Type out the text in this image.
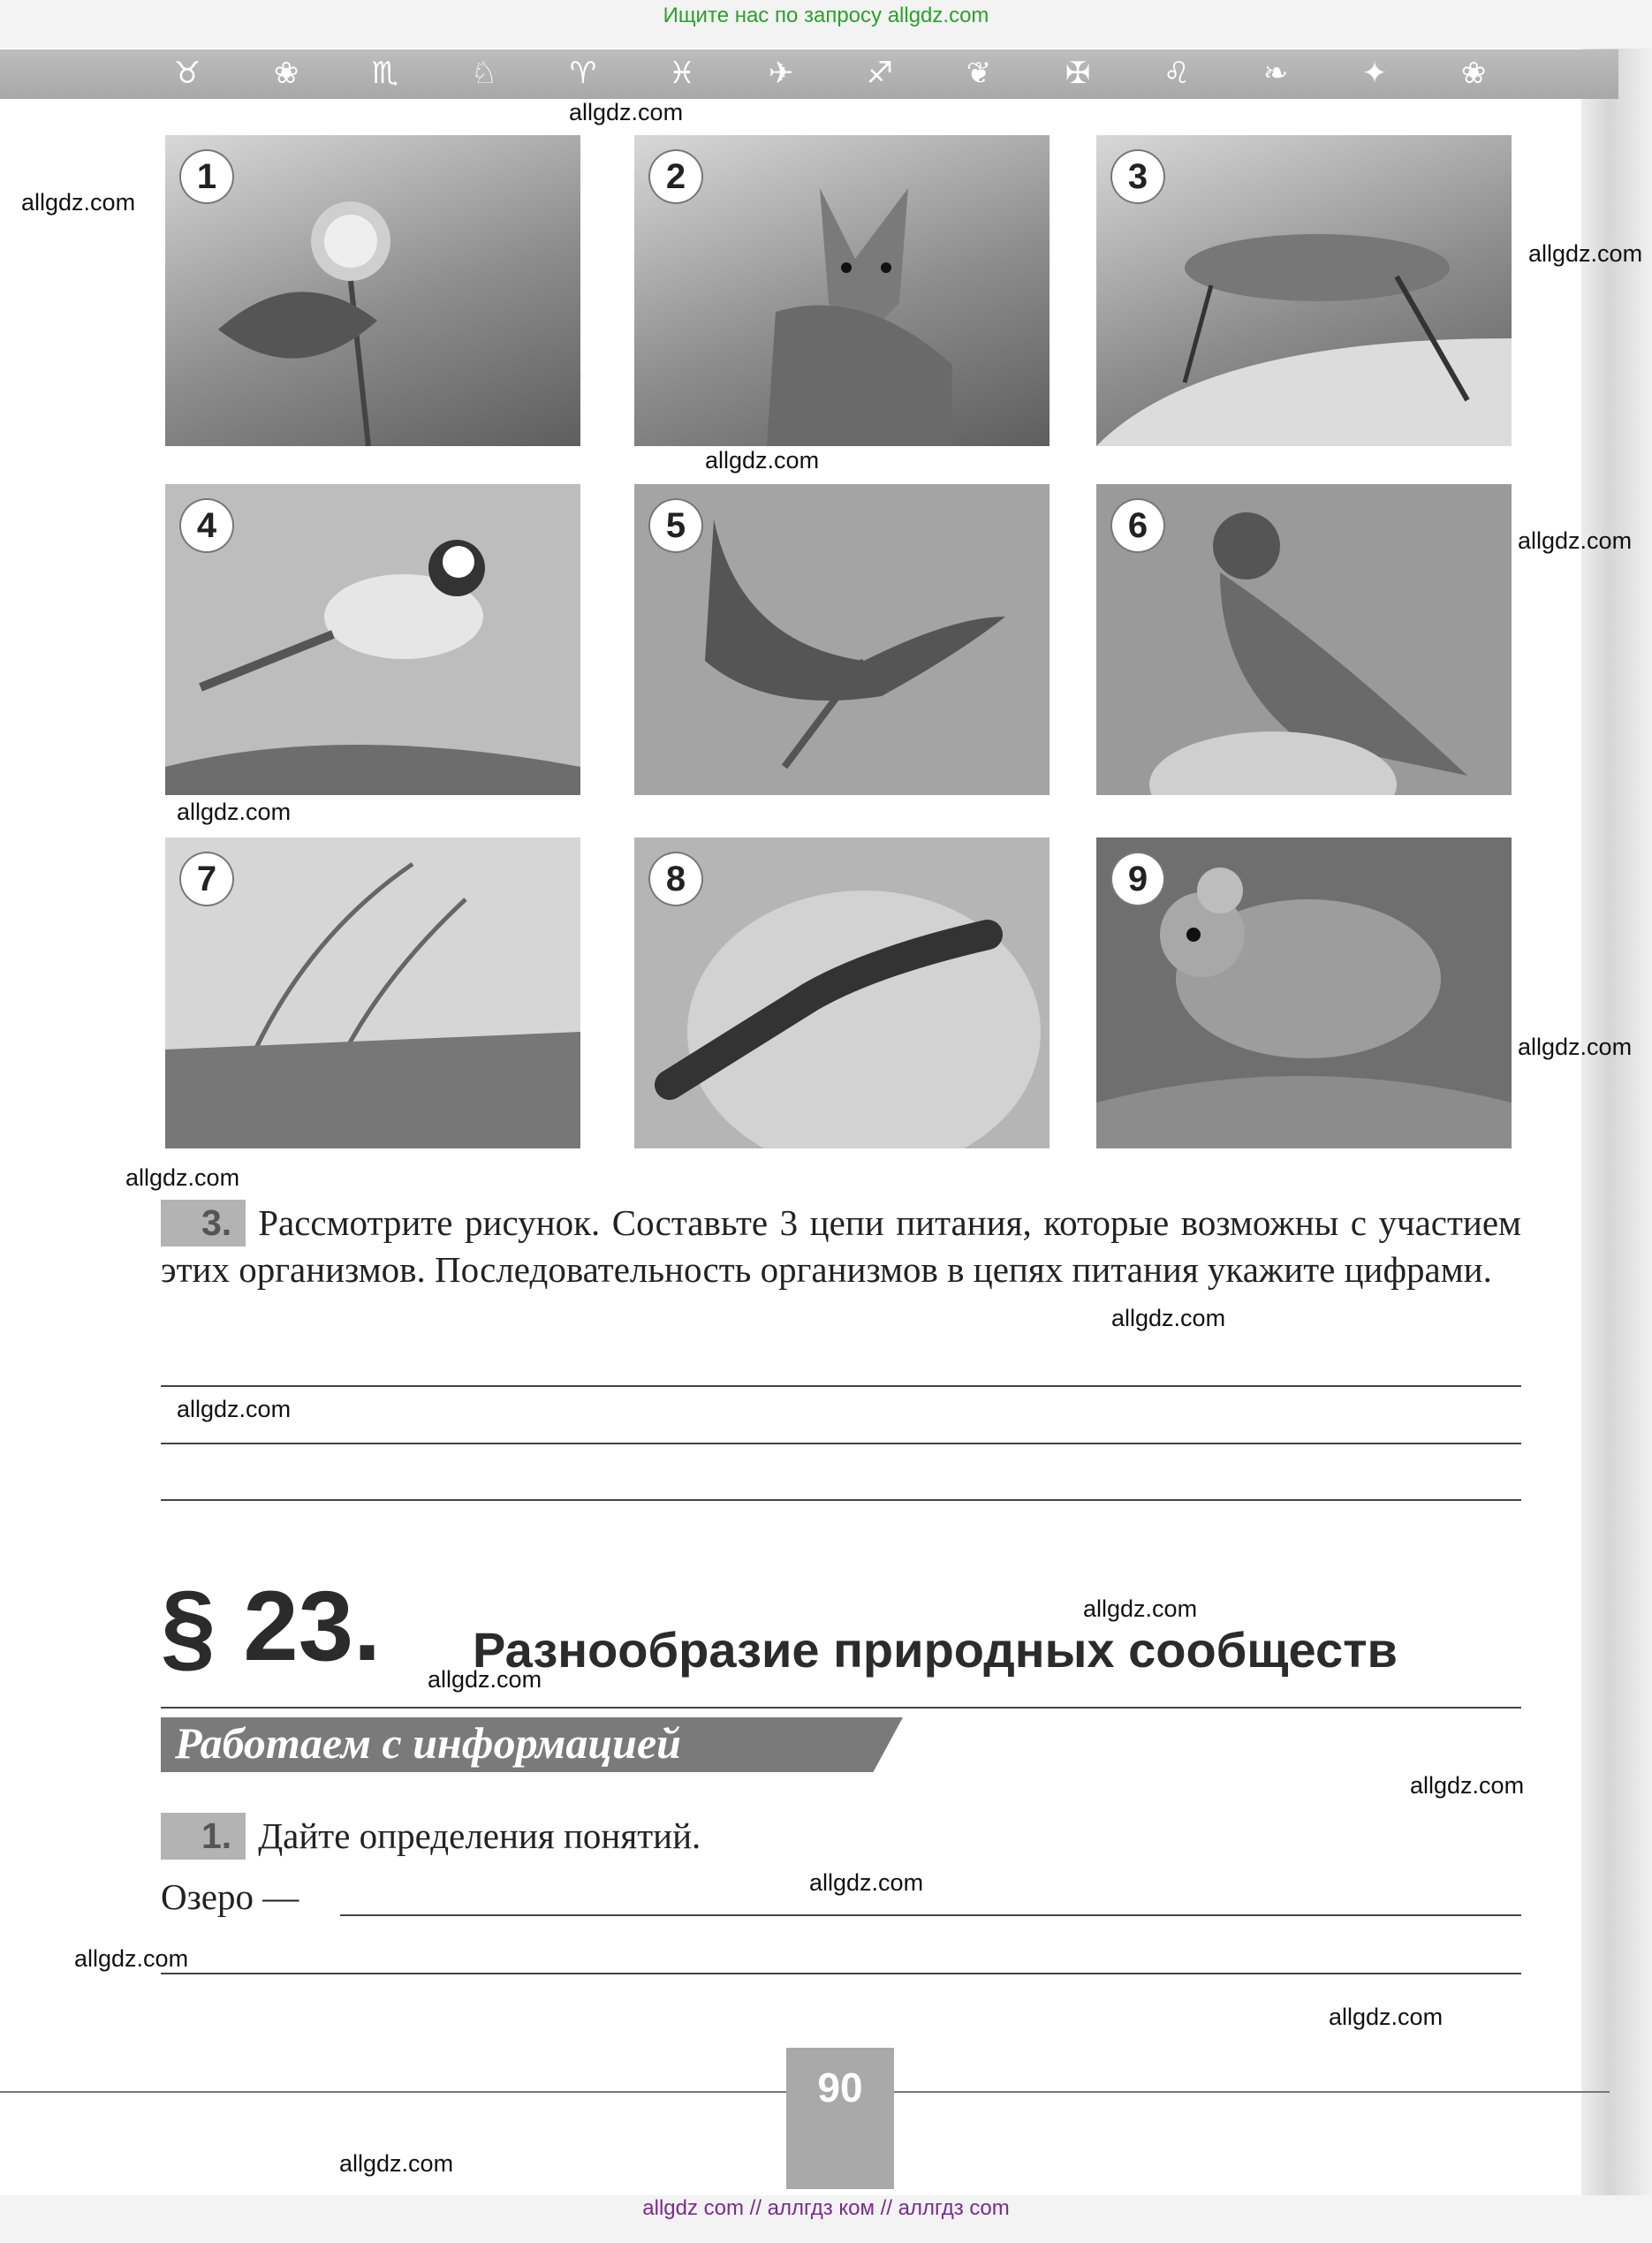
Ищите нас по запросу allgdz.com
♉ ❀ ♏ ♘ ♈ ♓ ✈ ♐ ❦ ✠ ♌ ❧ ✦ ❀
1	2	3
4	5	6
7	8	9
3. Рассмотрите рисунок. Составьте 3 цепи питания, которые возможны с участием этих организмов. Последовательность организмов в цепях питания укажите цифрами.
§ 23. Разнообразие природных сообществ
Работаем с информацией
1. Дайте определения понятий.
Озеро —
90
allgdz.com
allgdz.com
allgdz.com
allgdz.com
allgdz.com
allgdz.com
allgdz.com
allgdz.com
allgdz.com
allgdz.com
allgdz.com
allgdz.com
allgdz.com
allgdz.com
allgdz.com
allgdz.com
allgdz.com
allgdz com // аллгдз ком // аллгдз com
